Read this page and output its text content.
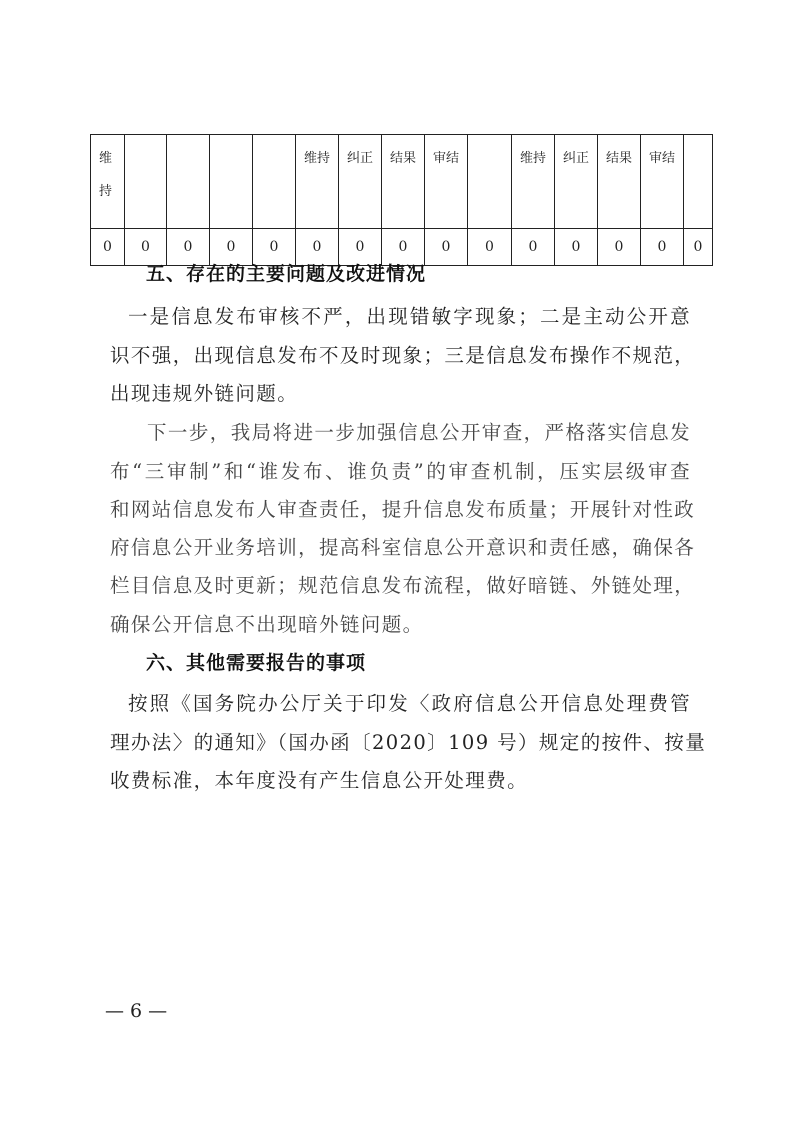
维
持					维持	纠正	结果	审结		维持	纠正	结果	审结	
0	0	0	0	0	0	0	0	0	0	0	0	0	0	0
五、存在的主要问题及改进情况

一是信息发布审核不严，出现错敏字现象；二是主动公开意

识不强，出现信息发布不及时现象；三是信息发布操作不规范，

出现违规外链问题。

下一步，我局将进一步加强信息公开审查，严格落实信息发

布“三审制”和“谁发布、谁负责”的审查机制，压实层级审查

和网站信息发布人审查责任，提升信息发布质量；开展针对性政

府信息公开业务培训，提高科室信息公开意识和责任感，确保各

栏目信息及时更新；规范信息发布流程，做好暗链、外链处理，

确保公开信息不出现暗外链问题。

六、其他需要报告的事项

按照《国务院办公厅关于印发〈政府信息公开信息处理费管

理办法〉的通知》（国办函〔2020〕109 号）规定的按件、按量

收费标准，本年度没有产生信息公开处理费。

— 6 —
